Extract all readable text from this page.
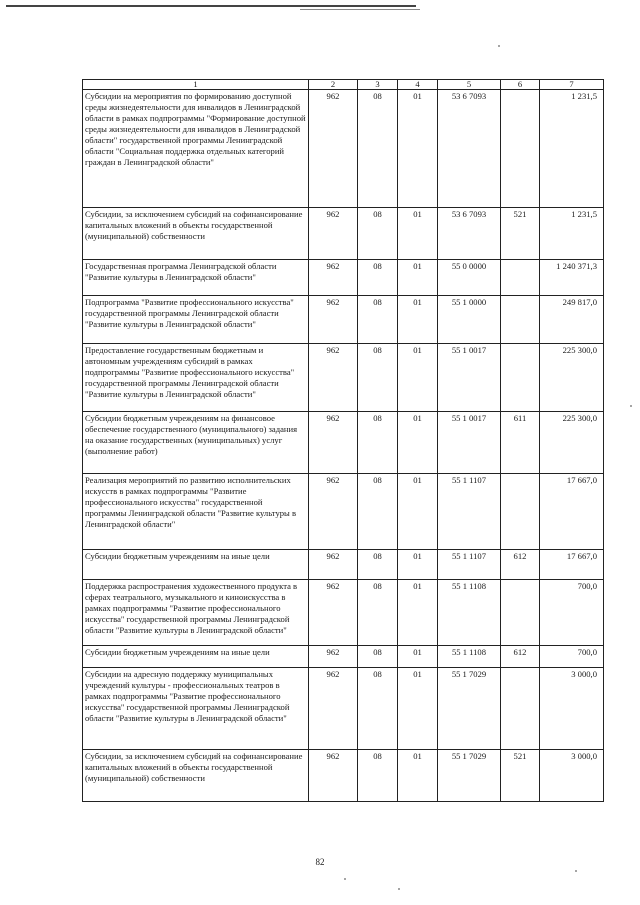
1	2	3	4	5	6	7
Субсидии на мероприятия по формированию доступной среды жизнедеятельности для инвалидов в Ленинградской области в рамках подпрограммы "Формирование доступной среды жизнедеятельности для инвалидов в Ленинградской области" государственной программы Ленинградской области "Социальная поддержка отдельных категорий граждан в Ленинградской области"	962	08	01	53 6 7093		1 231,5
Субсидии, за исключением субсидий на софинансирование капитальных вложений в объекты государственной (муниципальной) собственности	962	08	01	53 6 7093	521	1 231,5
Государственная программа Ленинградской области "Развитие культуры в Ленинградской области"	962	08	01	55 0 0000		1 240 371,3
Подпрограмма "Развитие профессионального искусства" государственной программы Ленинградской области "Развитие культуры в Ленинградской области"	962	08	01	55 1 0000		249 817,0
Предоставление государственным бюджетным и автономным учреждениям субсидий в рамках подпрограммы "Развитие профессионального искусства" государственной программы Ленинградской области "Развитие культуры в Ленинградской области"	962	08	01	55 1 0017		225 300,0
Субсидии бюджетным учреждениям на финансовое обеспечение государственного (муниципального) задания на оказание государственных (муниципальных) услуг (выполнение работ)	962	08	01	55 1 0017	611	225 300,0
Реализация мероприятий по развитию исполнительских искусств в рамках подпрограммы "Развитие профессионального искусства" государственной программы Ленинградской области "Развитие культуры в Ленинградской области"	962	08	01	55 1 1107		17 667,0
Субсидии бюджетным учреждениям на иные цели	962	08	01	55 1 1107	612	17 667,0
Поддержка распространения художественного продукта в сферах театрального, музыкального и киноискусства в рамках подпрограммы "Развитие профессионального искусства" государственной программы Ленинградской области "Развитие культуры в Ленинградской области"	962	08	01	55 1 1108		700,0
Субсидии бюджетным учреждениям на иные цели	962	08	01	55 1 1108	612	700,0
Субсидии на адресную поддержку муниципальных учреждений культуры - профессиональных театров в рамках подпрограммы "Развитие профессионального искусства" государственной программы Ленинградской области "Развитие культуры в Ленинградской области"	962	08	01	55 1 7029		3 000,0
Субсидии, за исключением субсидий на софинансирование капитальных вложений в объекты государственной (муниципальной) собственности	962	08	01	55 1 7029	521	3 000,0
82
